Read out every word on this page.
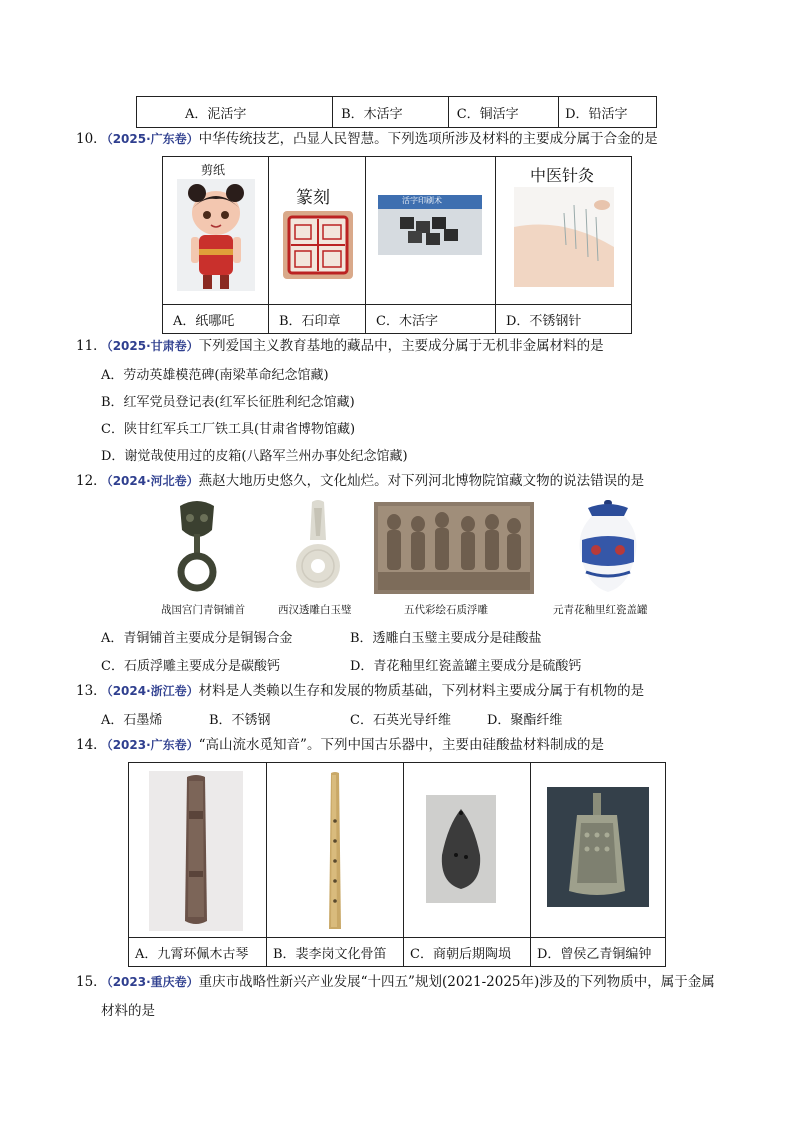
A．泥活字	B．木活字	C．铜活字	D．铅活字
10．（2025·广东卷）中华传统技艺，凸显人民智慧。下列选项所涉及材料的主要成分属于合金的是
剪纸	篆刻	活字印刷术	中医针灸

A．纸哪吒	B．石印章	C．木活字	D．不锈钢针
11．（2025·甘肃卷）下列爱国主义教育基地的藏品中，主要成分属于无机非金属材料的是
A．劳动英雄模范碑(南梁革命纪念馆藏)
B．红军党员登记表(红军长征胜利纪念馆藏)
C．陕甘红军兵工厂铁工具(甘肃省博物馆藏)
D．谢觉哉使用过的皮箱(八路军兰州办事处纪念馆藏)
12．（2024·河北卷）燕赵大地历史悠久，文化灿烂。对下列河北博物院馆藏文物的说法错误的是
战国宫门青铜铺首	西汉透雕白玉璧	五代彩绘石质浮雕	元青花釉里红瓷盖罐
A．青铜铺首主要成分是铜锡合金	B．透雕白玉璧主要成分是硅酸盐
C．石质浮雕主要成分是碳酸钙	D．青花釉里红瓷盖罐主要成分是硫酸钙
13．（2024·浙江卷）材料是人类赖以生存和发展的物质基础，下列材料主要成分属于有机物的是
A．石墨烯	B．不锈钢	C．石英光导纤维	D．聚酯纤维
14．（2023·广东卷）“高山流水觅知音”。下列中国古乐器中，主要由硅酸盐材料制成的是

A．九霄环佩木古琴	B．裴李岗文化骨笛	C．商朝后期陶埙	D．曾侯乙青铜编钟
15．（2023·重庆卷）重庆市战略性新兴产业发展“十四五”规划(2021-2025年)涉及的下列物质中，属于金属
材料的是
